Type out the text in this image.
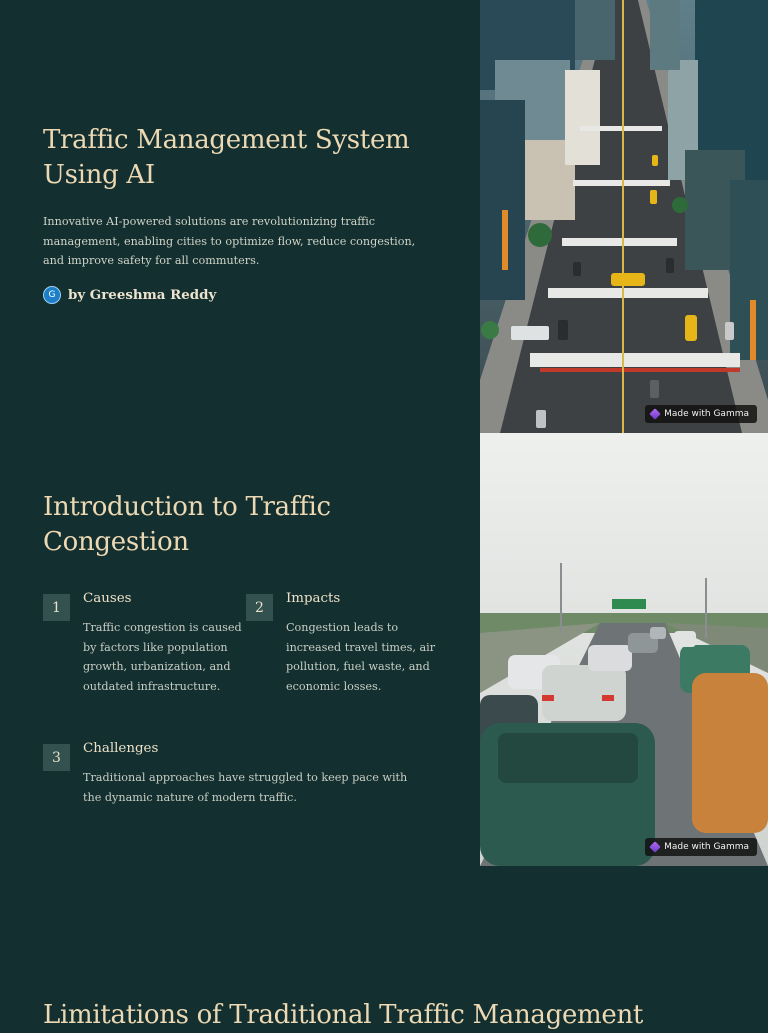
Traffic Management System Using AI

Innovative AI-powered solutions are revolutionizing traffic management, enabling cities to optimize flow, reduce congestion, and improve safety for all commuters.

G by Greeshma Reddy
Made with Gamma
Introduction to Traffic Congestion
1
Causes

Traffic congestion is caused by factors like population growth, urbanization, and outdated infrastructure.

2
Impacts

Congestion leads to increased travel times, air pollution, fuel waste, and economic losses.

3
Challenges

Traditional approaches have struggled to keep pace with the dynamic nature of modern traffic.

Made with Gamma
Limitations of Traditional Traffic Management
